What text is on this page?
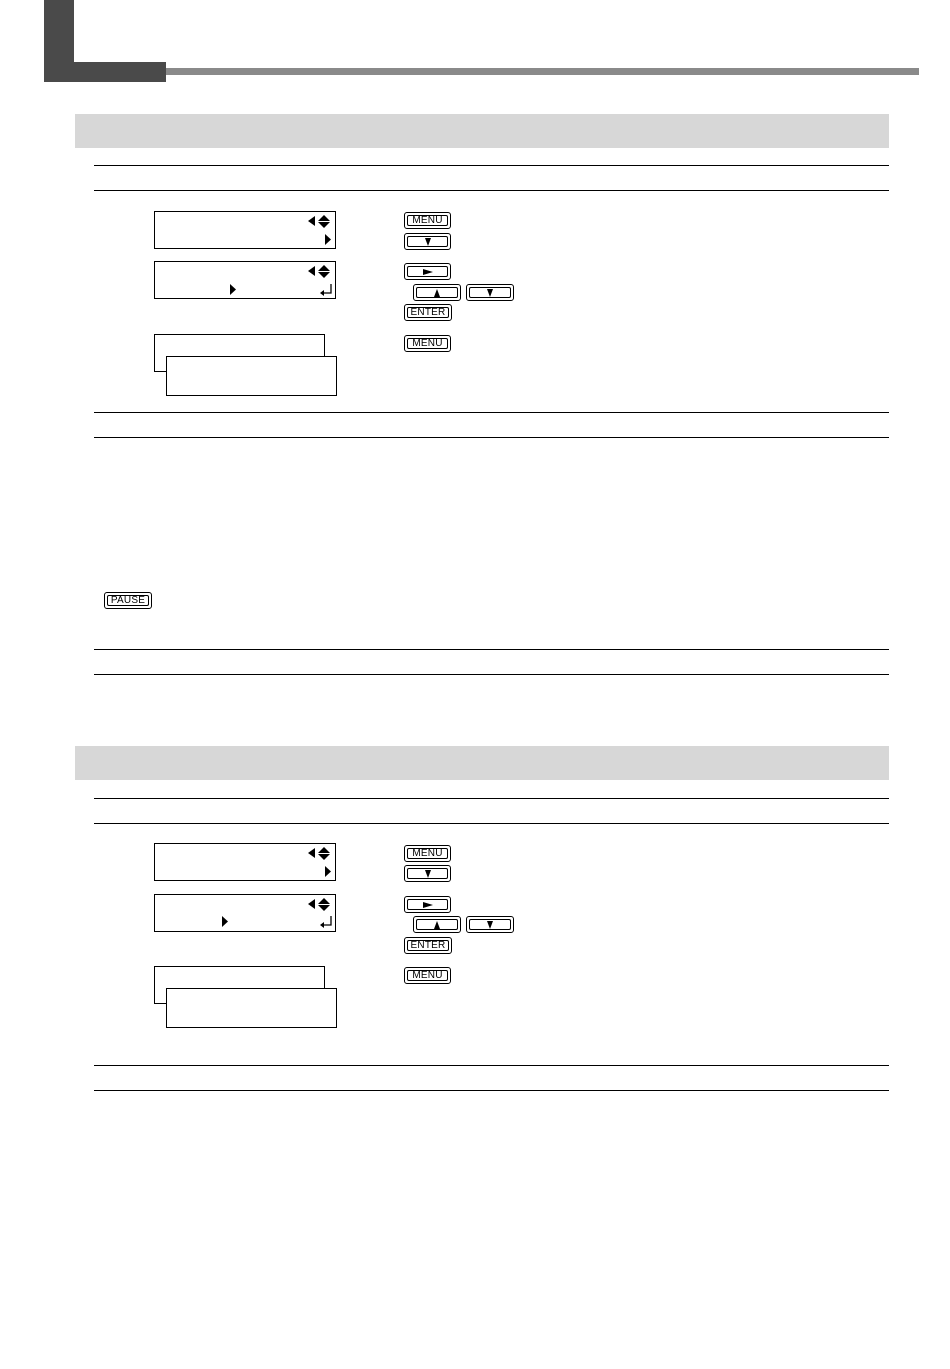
MENU
ENTER
MENU
PAUSE
MENU
ENTER
MENU
